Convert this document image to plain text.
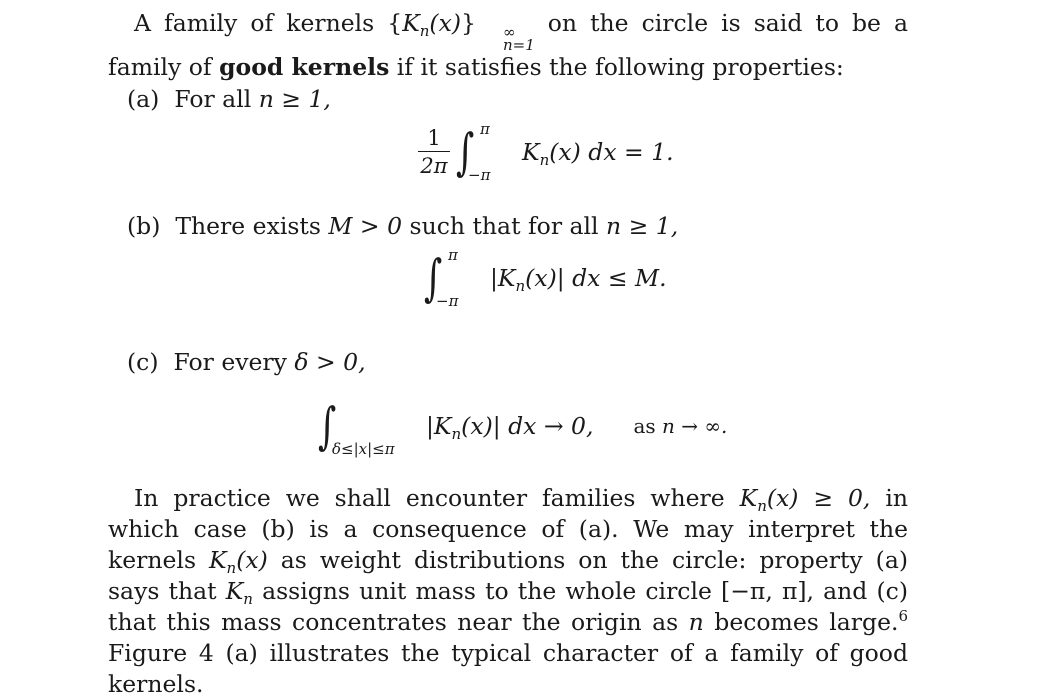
A family of kernels $\{K_n(x)\}$	∞
n=1
on the circle is said to be a family of good kernels if it satisfies the following properties:
(a) For all n ≥ 1,
$\frac{1}{2\pi}$ ∫ π
−π
$K_n(x)$ dx = 1.
(b) There exists M > 0 such that for all n ≥ 1,
∫ π
−π
$|K_n(x)|$ dx ≤ M.
(c) For every δ > 0,
∫
δ≤|x|≤π
$|K_n(x)|$ dx → 0, as n → ∞.
In practice we shall encounter families where $K_n(x) \ge 0$, in which case (b) is a consequence of (a). We may interpret the kernels $K_n(x)$ as weight distributions on the circle: property (a) says that $K_n$ assigns unit mass to the whole circle [−π, π], and (c) that this mass concentrates near the origin as n becomes large.$^6$ Figure 4 (a) illustrates the typical character of a family of good kernels.
